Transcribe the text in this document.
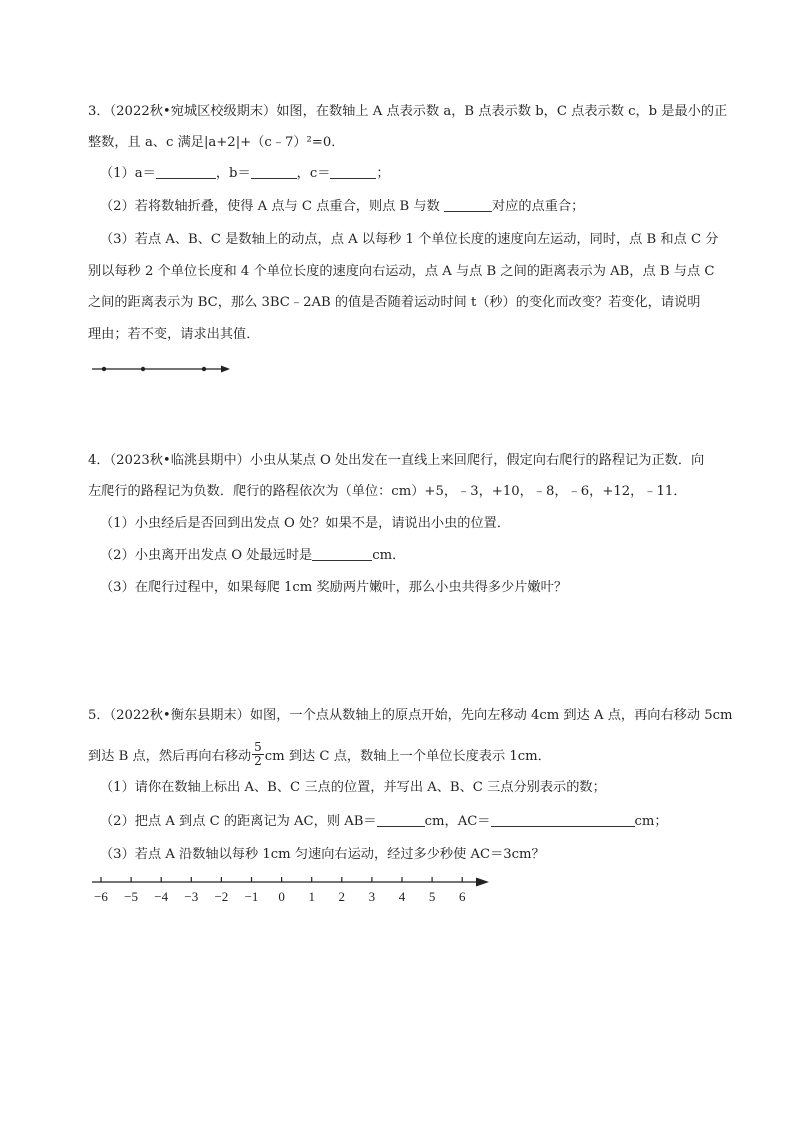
3．（2022秋•宛城区校级期末）如图，在数轴上 A 点表示数 a，B 点表示数 b，C 点表示数 c，b 是最小的正
整数，且 a、c 满足|a+2|+（c﹣7）²=0．
（1）a＝	，b＝	，c＝	；
（2）若将数轴折叠，使得 A 点与 C 点重合，则点 B 与数	对应的点重合；
（3）若点 A、B、C 是数轴上的动点，点 A 以每秒 1 个单位长度的速度向左运动，同时，点 B 和点 C 分
别以每秒 2 个单位长度和 4 个单位长度的速度向右运动，点 A 与点 B 之间的距离表示为 AB，点 B 与点 C
之间的距离表示为 BC，那么 3BC﹣2AB 的值是否随着运动时间 t（秒）的变化而改变？若变化，请说明
理由；若不变，请求出其值．
4．（2023秋•临洮县期中）小虫从某点 O 处出发在一直线上来回爬行，假定向右爬行的路程记为正数．向
左爬行的路程记为负数．爬行的路程依次为（单位：cm）+5，﹣3，+10，﹣8，﹣6，+12，﹣11．
（1）小虫经后是否回到出发点 O 处？如果不是，请说出小虫的位置．
（2）小虫离开出发点 O 处最远时是	cm．
（3）在爬行过程中，如果每爬 1cm 奖励两片嫩叶，那么小虫共得多少片嫩叶？
5．（2022秋•衡东县期末）如图，一个点从数轴上的原点开始，先向左移动 4cm 到达 A 点，再向右移动 5cm
到达 B 点，然后再向右移动 $\frac{5}{2}$ cm 到达 C 点，数轴上一个单位长度表示 1cm．
（1）请你在数轴上标出 A、B、C 三点的位置，并写出 A、B、C 三点分别表示的数；
（2）把点 A 到点 C 的距离记为 AC，则 AB＝	cm，AC＝	cm；
（3）若点 A 沿数轴以每秒 1cm 匀速向右运动，经过多少秒使 AC＝3cm？
−6 −5 −4 −3 −2 −1 0 1 2 3 4 5 6
